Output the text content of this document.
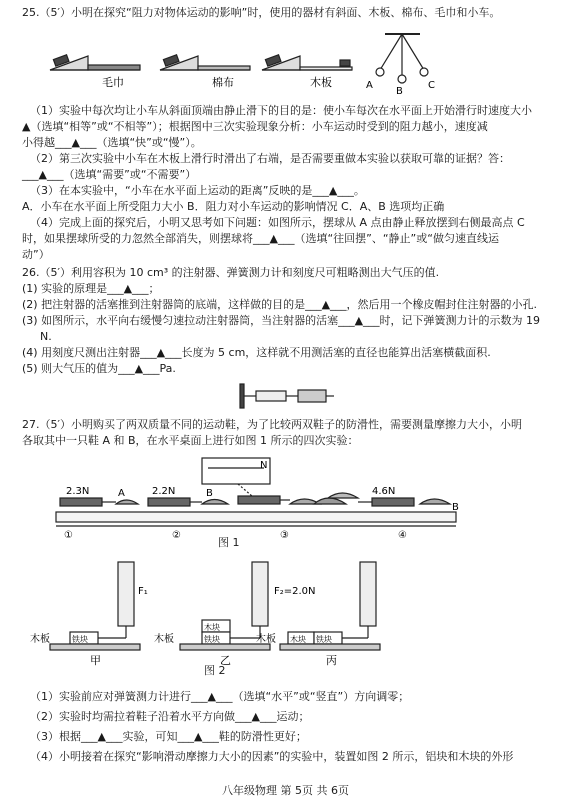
25.（5′）小明在探究“阻力对物体运动的影响”时，使用的器材有斜面、木板、棉布、毛巾和小车。
毛巾	棉布	木板	A
B
C
（1）实验中每次均让小车从斜面顶端由静止滑下的目的是：使小车每次在水平面上开始滑行时速度大小
▲（选填“相等”或“不相等”）；根据图中三次实验现象分析：小车运动时受到的阻力越小，速度减
小得越___▲___（选填“快”或“慢”）。
（2）第三次实验中小车在木板上滑行时滑出了右端，是否需要重做本实验以获取可靠的证据？答：
___▲___（选填“需要”或“不需要”）
（3）在本实验中，“小车在水平面上运动的距离”反映的是___▲___。
A．小车在水平面上所受阻力大小 B．阻力对小车运动的影响情况 C．A、B 选项均正确
（4）完成上面的探究后，小明又思考如下问题：如图所示，摆球从 A 点由静止释放摆到右侧最高点 C
时，如果摆球所受的力忽然全部消失，则摆球将___▲___（选填“往回摆”、“静止”或“做匀速直线运
动”）
26.（5′）利用容积为 10 cm³ 的注射器、弹簧测力计和刻度尺可粗略测出大气压的值.
(1) 实验的原理是___▲___；
(2) 把注射器的活塞推到注射器筒的底端，这样做的目的是___▲___，然后用一个橡皮帽封住注射器的小孔.
(3) 如图所示，水平向右缓慢匀速拉动注射器筒，当注射器的活塞___▲___时，记下弹簧测力计的示数为 19
N.
(4) 用刻度尺测出注射器___▲___长度为 5 cm，这样就不用测活塞的直径也能算出活塞横截面积.
(5) 则大气压的值为___▲___Pa.
27.（5′）小明购买了两双质量不同的运动鞋，为了比较两双鞋子的防滑性，需要测量摩擦力大小，小明
各取其中一只鞋 A 和 B，在水平桌面上进行如图 1 所示的四次实验：
2.3N	A	2.2N	B
N
4.6N
B
①	②	③	④
图 1
F₁	F₂=2.0N
铁块
木块
铁块	木块 铁块
木板	木板	木板
甲	乙	丙
图 2
（1）实验前应对弹簧测力计进行___▲___（选填“水平”或“竖直”）方向调零；
（2）实验时均需拉着鞋子沿着水平方向做___▲___运动；
（3）根据___▲___实验，可知___▲___鞋的防滑性更好；
（4）小明接着在探究“影响滑动摩擦力大小的因素”的实验中，装置如图 2 所示，铝块和木块的外形
八年级物理 第 5页 共 6页
